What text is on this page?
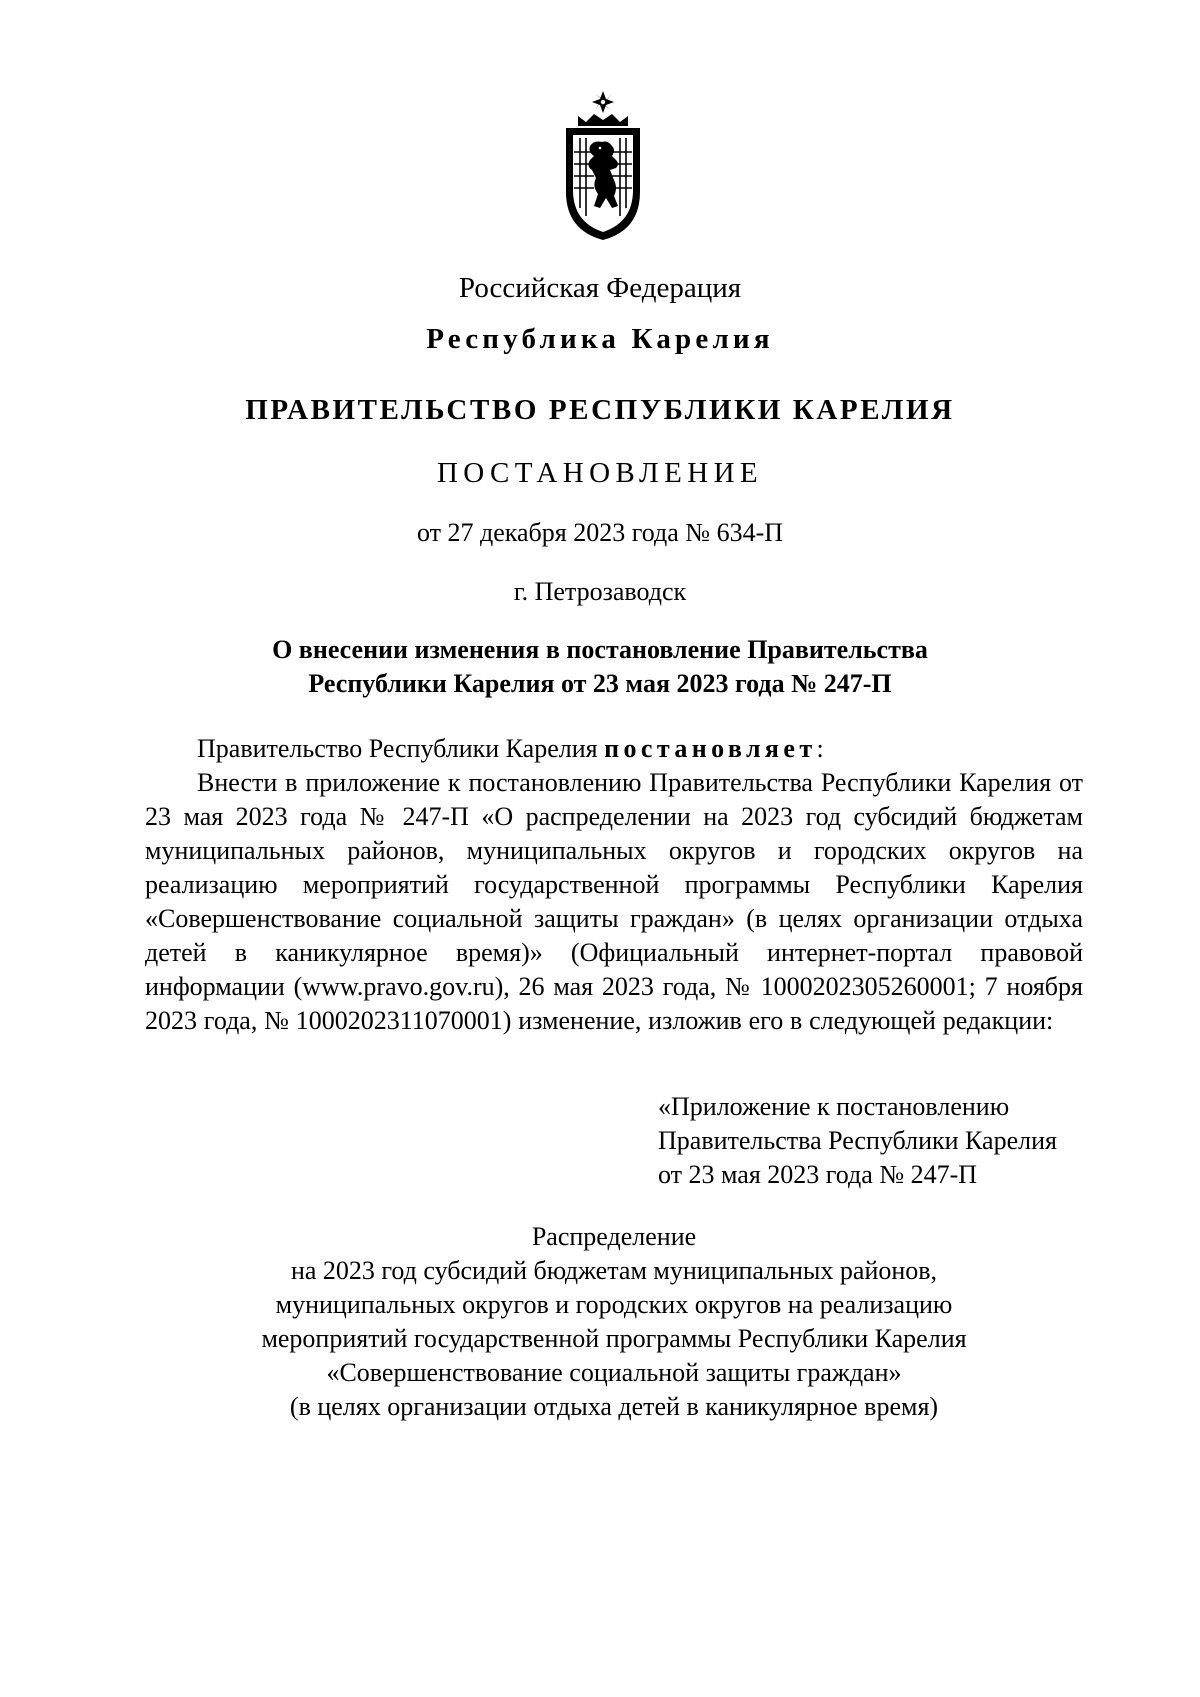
Российская Федерация
Республика Карелия
ПРАВИТЕЛЬСТВО РЕСПУБЛИКИ КАРЕЛИЯ
ПОСТАНОВЛЕНИЕ
от 27 декабря 2023 года № 634-П
г. Петрозаводск
О внесении изменения в постановление Правительства
Республики Карелия от 23 мая 2023 года № 247-П
Правительство Республики Карелия постановляет:
Внести в приложение к постановлению Правительства Республики Карелия от 23 мая 2023 года № 247-П «О распределении на 2023 год субсидий бюджетам муниципальных районов, муниципальных округов и городских округов на реализацию мероприятий государственной программы Республики Карелия «Совершенствование социальной защиты граждан» (в целях организации отдыха детей в каникулярное время)» (Официальный интернет-портал правовой информации (www.pravo.gov.ru), 26 мая 2023 года, № 1000202305260001; 7 ноября 2023 года, № 1000202311070001) изменение, изложив его в следующей редакции:
«Приложение к постановлению
Правительства Республики Карелия
от 23 мая 2023 года № 247-П
Распределение
на 2023 год субсидий бюджетам муниципальных районов,
муниципальных округов и городских округов на реализацию
мероприятий государственной программы Республики Карелия
«Совершенствование социальной защиты граждан»
(в целях организации отдыха детей в каникулярное время)
